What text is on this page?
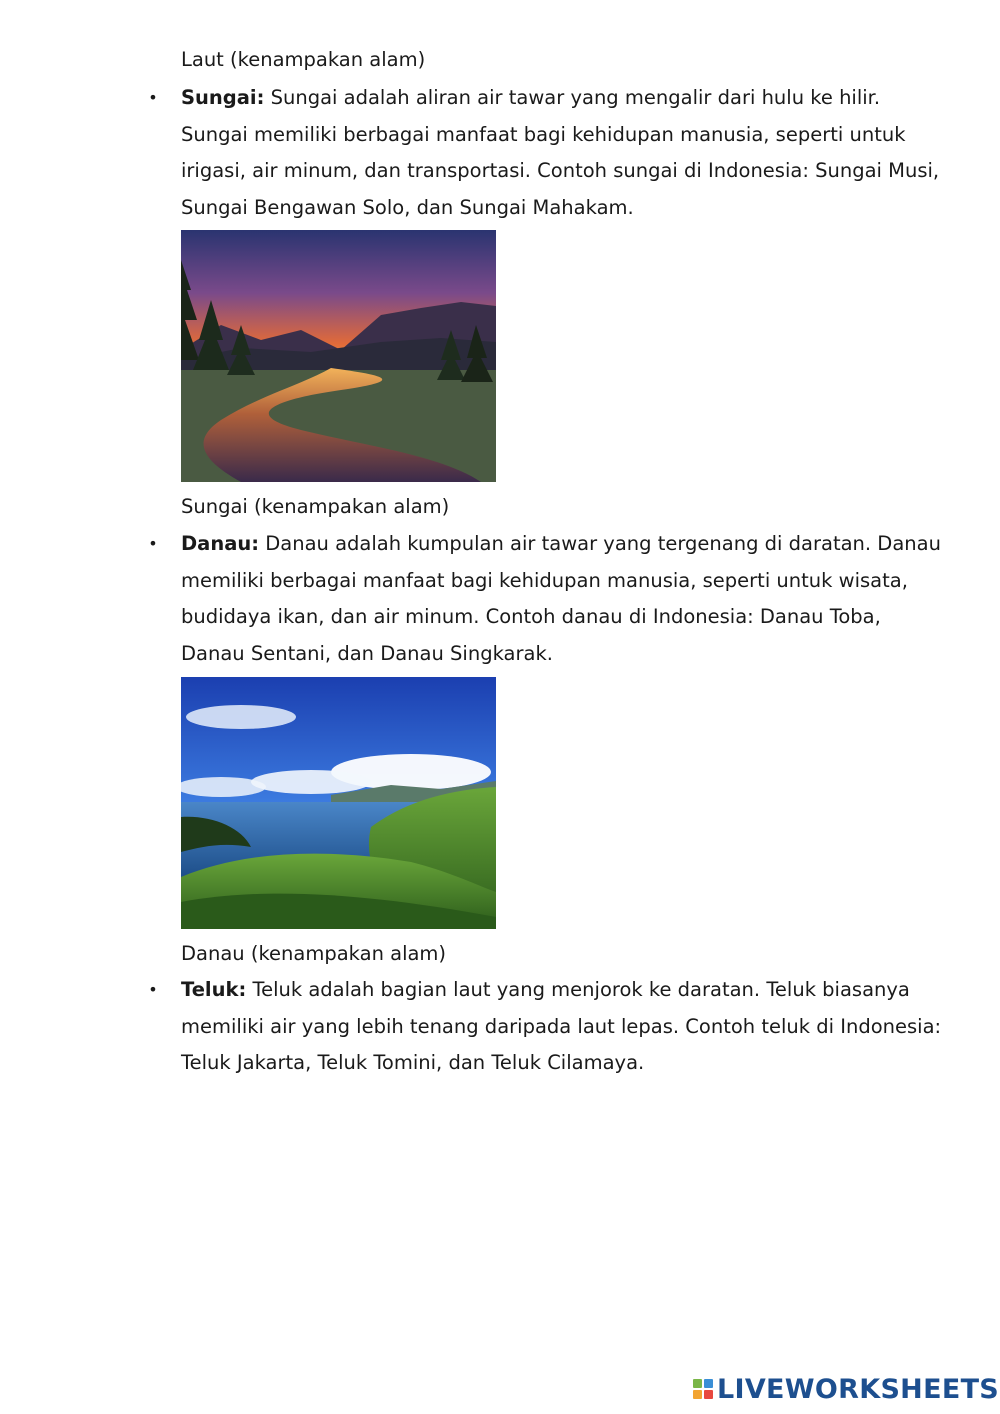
Laut (kenampakan alam)
• Sungai: Sungai adalah aliran air tawar yang mengalir dari hulu ke hilir.
Sungai memiliki berbagai manfaat bagi kehidupan manusia, seperti untuk
irigasi, air minum, dan transportasi. Contoh sungai di Indonesia: Sungai Musi,
Sungai Bengawan Solo, dan Sungai Mahakam.
Sungai (kenampakan alam)
• Danau: Danau adalah kumpulan air tawar yang tergenang di daratan. Danau
memiliki berbagai manfaat bagi kehidupan manusia, seperti untuk wisata,
budidaya ikan, dan air minum. Contoh danau di Indonesia: Danau Toba,
Danau Sentani, dan Danau Singkarak.
Danau (kenampakan alam)
• Teluk: Teluk adalah bagian laut yang menjorok ke daratan. Teluk biasanya
memiliki air yang lebih tenang daripada laut lepas. Contoh teluk di Indonesia:
Teluk Jakarta, Teluk Tomini, dan Teluk Cilamaya.
LIVEWORKSHEETS
